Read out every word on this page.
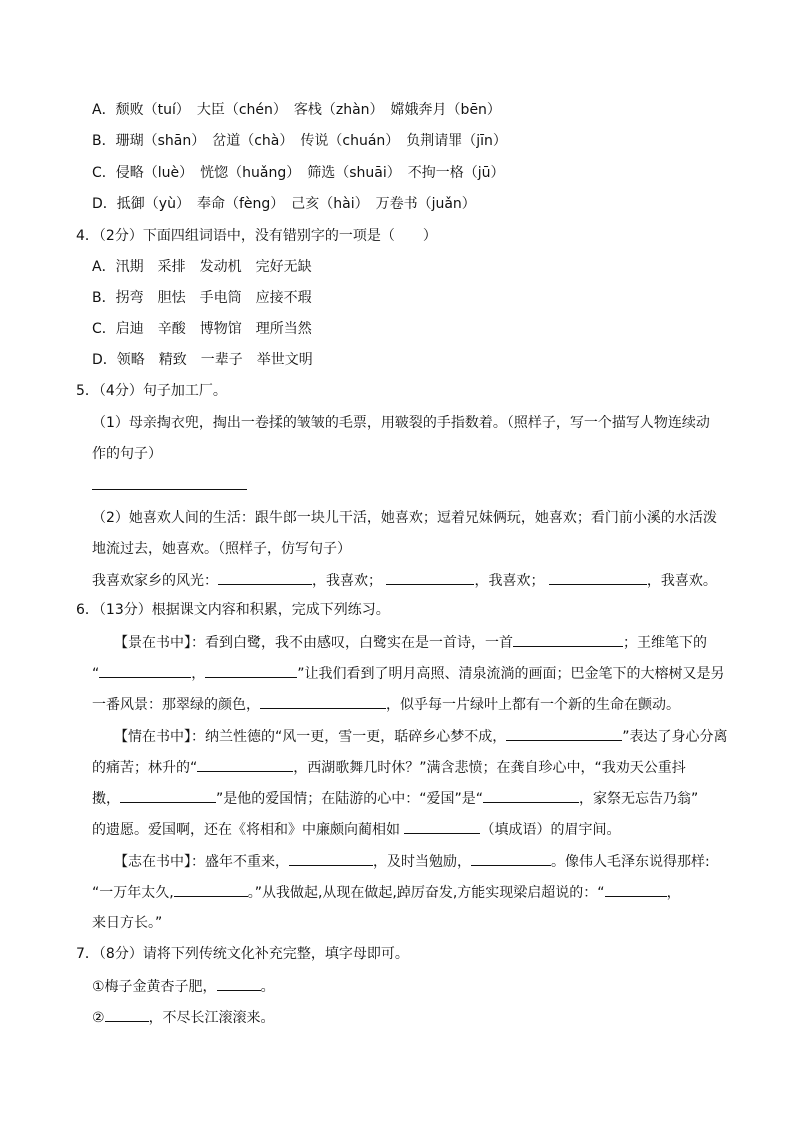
A．颓败（tuí）　大臣（chén）　客栈（zhàn）　嫦娥奔月（bēn）
B．珊瑚（shān）　岔道（chà）　传说（chuán）　负荆请罪（jīn）
C．侵略（luè）　恍惚（huǎng）　筛选（shuāi）　不拘一格（jū）
D．抵御（yù）　奉命（fèng）　己亥（hài）　万卷书（juǎn）
4．（2分）下面四组词语中，没有错别字的一项是（　　）
A．汛期　采排　发动机　完好无缺
B．拐弯　胆怯　手电筒　应接不瑕
C．启迪　辛酸　博物馆　理所当然
D．领略　精致　一辈子　举世文明
5．（4分）句子加工厂。
（1）母亲掏衣兜，掏出一卷揉的皱皱的毛票，用皲裂的手指数着。（照样子，写一个描写人物连续动
作的句子）
（2）她喜欢人间的生活：跟牛郎一块儿干活，她喜欢；逗着兄妹俩玩，她喜欢；看门前小溪的水活泼
地流过去，她喜欢。（照样子，仿写句子）
我喜欢家乡的风光：	，我喜欢；	，我喜欢；	，我喜欢。
6．（13分）根据课文内容和积累，完成下列练习。
【景在书中】：看到白鹭，我不由感叹，白鹭实在是一首诗，一首	；王维笔下的
“	，	”让我们看到了明月高照、清泉流淌的画面；巴金笔下的大榕树又是另
一番风景：那翠绿的颜色，	，似乎每一片绿叶上都有一个新的生命在颤动。
【情在书中】：纳兰性德的“风一更，雪一更，聒碎乡心梦不成，	”表达了身心分离
的痛苦；林升的“	，西湖歌舞几时休？”满含悲愤；在龚自珍心中，“我劝天公重抖
擞，	”是他的爱国情；在陆游的心中：“爱国”是“	，家祭无忘告乃翁”
的遗愿。爱国啊，还在《将相和》中廉颇向蔺相如	（填成语）的眉宇间。
【志在书中】：盛年不重来，	，及时当勉励，	。像伟人毛泽东说得那样:
“一万年太久,	。”从我做起,从现在做起,踔厉奋发,方能实现梁启超说的：“	，
来日方长。”
7．（8分）请将下列传统文化补充完整，填字母即可。
①梅子金黄杏子肥，	。
②	，不尽长江滚滚来。
